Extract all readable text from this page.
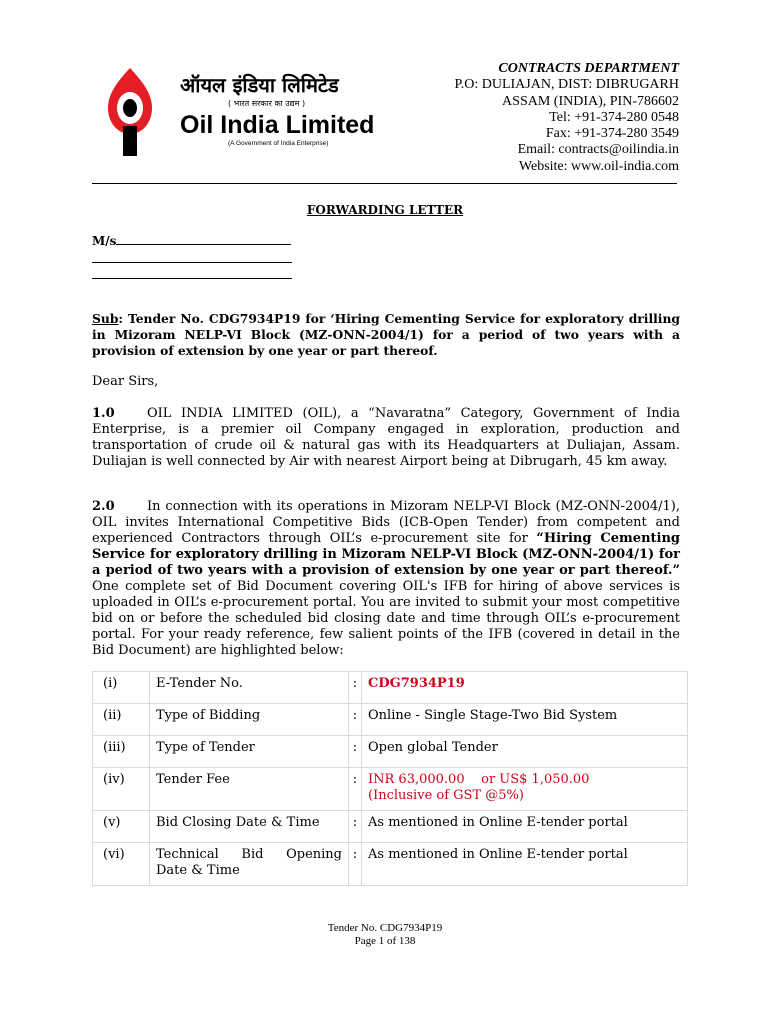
ऑयल इंडिया लिमिटेड
( भारत सरकार का उद्यम )
Oil India Limited
(A Government of India Enterprise)
CONTRACTS DEPARTMENT
P.O: DULIAJAN, DIST: DIBRUGARH
ASSAM (INDIA), PIN-786602
Tel: +91-374-280 0548
Fax: +91-374-280 3549
Email: contracts@oilindia.in
Website: www.oil-india.com
FORWARDING LETTER
M/s
Sub: Tender No. CDG7934P19 for ‘Hiring Cementing Service for exploratory drilling in Mizoram NELP-VI Block (MZ-ONN-2004/1) for a period of two years with a provision of extension by one year or part thereof.
Dear Sirs,
1.0 OIL INDIA LIMITED (OIL), a “Navaratna” Category, Government of India Enterprise, is a premier oil Company engaged in exploration, production and transportation of crude oil & natural gas with its Headquarters at Duliajan, Assam. Duliajan is well connected by Air with nearest Airport being at Dibrugarh, 45 km away.
2.0 In connection with its operations in Mizoram NELP-VI Block (MZ-ONN-2004/1), OIL invites International Competitive Bids (ICB-Open Tender) from competent and experienced Contractors through OIL’s e-procurement site for “Hiring Cementing Service for exploratory drilling in Mizoram NELP-VI Block (MZ-ONN-2004/1) for a period of two years with a provision of extension by one year or part thereof.” One complete set of Bid Document covering OIL's IFB for hiring of above services is uploaded in OIL’s e-procurement portal. You are invited to submit your most competitive bid on or before the scheduled bid closing date and time through OIL’s e-procurement portal. For your ready reference, few salient points of the IFB (covered in detail in the Bid Document) are highlighted below:
(i)	E-Tender No.	:	CDG7934P19
(ii)	Type of Bidding	:	Online - Single Stage-Two Bid System
(iii)	Type of Tender	:	Open global Tender
(iv)	Tender Fee	:	INR 63,000.00    or US$ 1,050.00
(Inclusive of GST @5%)

(v)	Bid Closing Date & Time	:	As mentioned in Online E-tender portal
(vi)	Technical Bid Opening
Date & Time	:	As mentioned in Online E-tender portal
Tender No. CDG7934P19
Page 1 of 138
